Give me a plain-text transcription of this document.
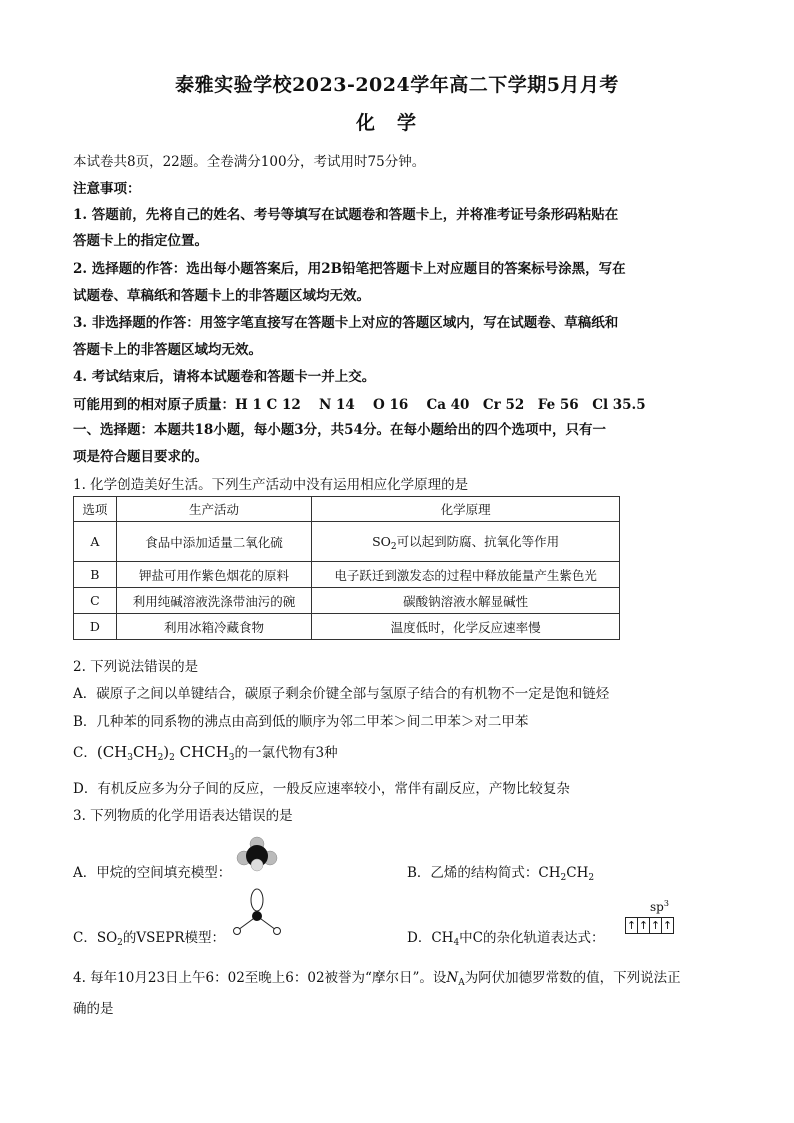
泰雅实验学校2023-2024学年高二下学期5月月考
化学
本试卷共8页，22题。全卷满分100分，考试用时75分钟。
注意事项：
1. 答题前，先将自己的姓名、考号等填写在试题卷和答题卡上，并将准考证号条形码粘贴在
答题卡上的指定位置。
2. 选择题的作答：选出每小题答案后，用2B铅笔把答题卡上对应题目的答案标号涂黑，写在
试题卷、草稿纸和答题卡上的非答题区域均无效。
3. 非选择题的作答：用签字笔直接写在答题卡上对应的答题区域内，写在试题卷、草稿纸和
答题卡上的非答题区域均无效。
4. 考试结束后，请将本试题卷和答题卡一并上交。
可能用到的相对原子质量：H 1 C 12　 N 14　 O 16　 Ca 40　Cr 52　Fe 56　Cl 35.5
一、选择题：本题共18小题，每小题3分，共54分。在每小题给出的四个选项中，只有一
项是符合题目要求的。
1. 化学创造美好生活。下列生产活动中没有运用相应化学原理的是
选项	生产活动	化学原理
A	食品中添加适量二氧化硫	$SO_2$可以起到防腐、抗氧化等作用
B	钾盐可用作紫色烟花的原料	电子跃迁到激发态的过程中释放能量产生紫色光
C	利用纯碱溶液洗涤带油污的碗	碳酸钠溶液水解显碱性
D	利用冰箱冷藏食物	温度低时，化学反应速率慢
2. 下列说法错误的是
A．碳原子之间以单键结合，碳原子剩余价键全部与氢原子结合的有机物不一定是饱和链烃
B．几种苯的同系物的沸点由高到低的顺序为邻二甲苯＞间二甲苯＞对二甲苯
C．$(CH_3CH_2)_2$ $CHCH_3$的一氯代物有3种
D．有机反应多为分子间的反应，一般反应速率较小，常伴有副反应，产物比较复杂
3. 下列物质的化学用语表达错误的是
A．甲烷的空间填充模型：	B．乙烯的结构简式：$CH_2CH_2$
C．$SO_2$的VSEPR模型：	D．$CH_4$中C的杂化轨道表达式：
$sp^3$
↑ ↑ ↑ ↑
4. 每年10月23日上午6：02至晚上6：02被誉为“摩尔日”。设$N_A$为阿伏加德罗常数的值，下列说法正
确的是
